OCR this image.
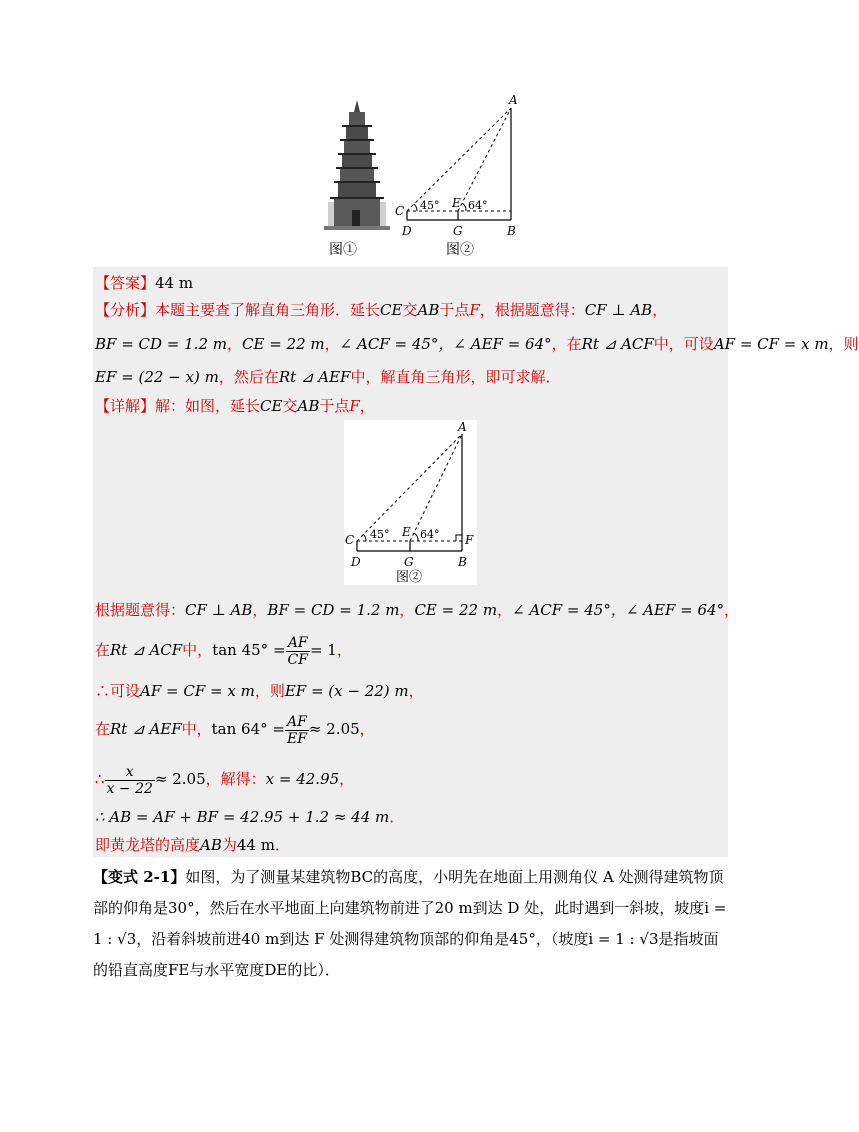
A
B
C
D
E
G
45°	64°
图①	图②
【答案】44 m
【分析】本题主要查了解直角三角形．延长CE交AB于点F，根据题意得：CF ⊥ AB，
BF = CD = 1.2 m，CE = 22 m，∠ ACF = 45°，∠ AEF = 64°，在Rt ⊿ ACF中，可设AF = CF = x m，则
EF = (22 − x) m，然后在Rt ⊿ AEF中，解直角三角形，即可求解．
【详解】解：如图，延长CE交AB于点F，
A
B
C
D
E
F
G
45°	64°
图②
根据题意得：CF ⊥ AB，BF = CD = 1.2 m，CE = 22 m，∠ ACF = 45°，∠ AEF = 64°，
在Rt ⊿ ACF中，$\tan 45^\circ = \frac{AF}{CF} = 1$，
∴可设AF = CF = x m，则EF = (x − 22) m，
在Rt ⊿ AEF中，$\tan 64^\circ = \frac{AF}{EF} \approx 2.05$，
∴ $\frac{x}{x - 22} \approx 2.05$，解得：x = 42.95，
∴ AB = AF + BF = 42.95 + 1.2 ≈ 44 m．
即黄龙塔的高度AB为44 m．
【变式 2-1】如图，为了测量某建筑物BC的高度，小明先在地面上用测角仪 A 处测得建筑物顶部的仰角是30°，然后在水平地面上向建筑物前进了20 m到达 D 处，此时遇到一斜坡，坡度i = 1 : √3，沿着斜坡前进40 m到达 F 处测得建筑物顶部的仰角是45°，（坡度i = 1 : √3是指坡面的铅直高度FE与水平宽度DE的比）．
